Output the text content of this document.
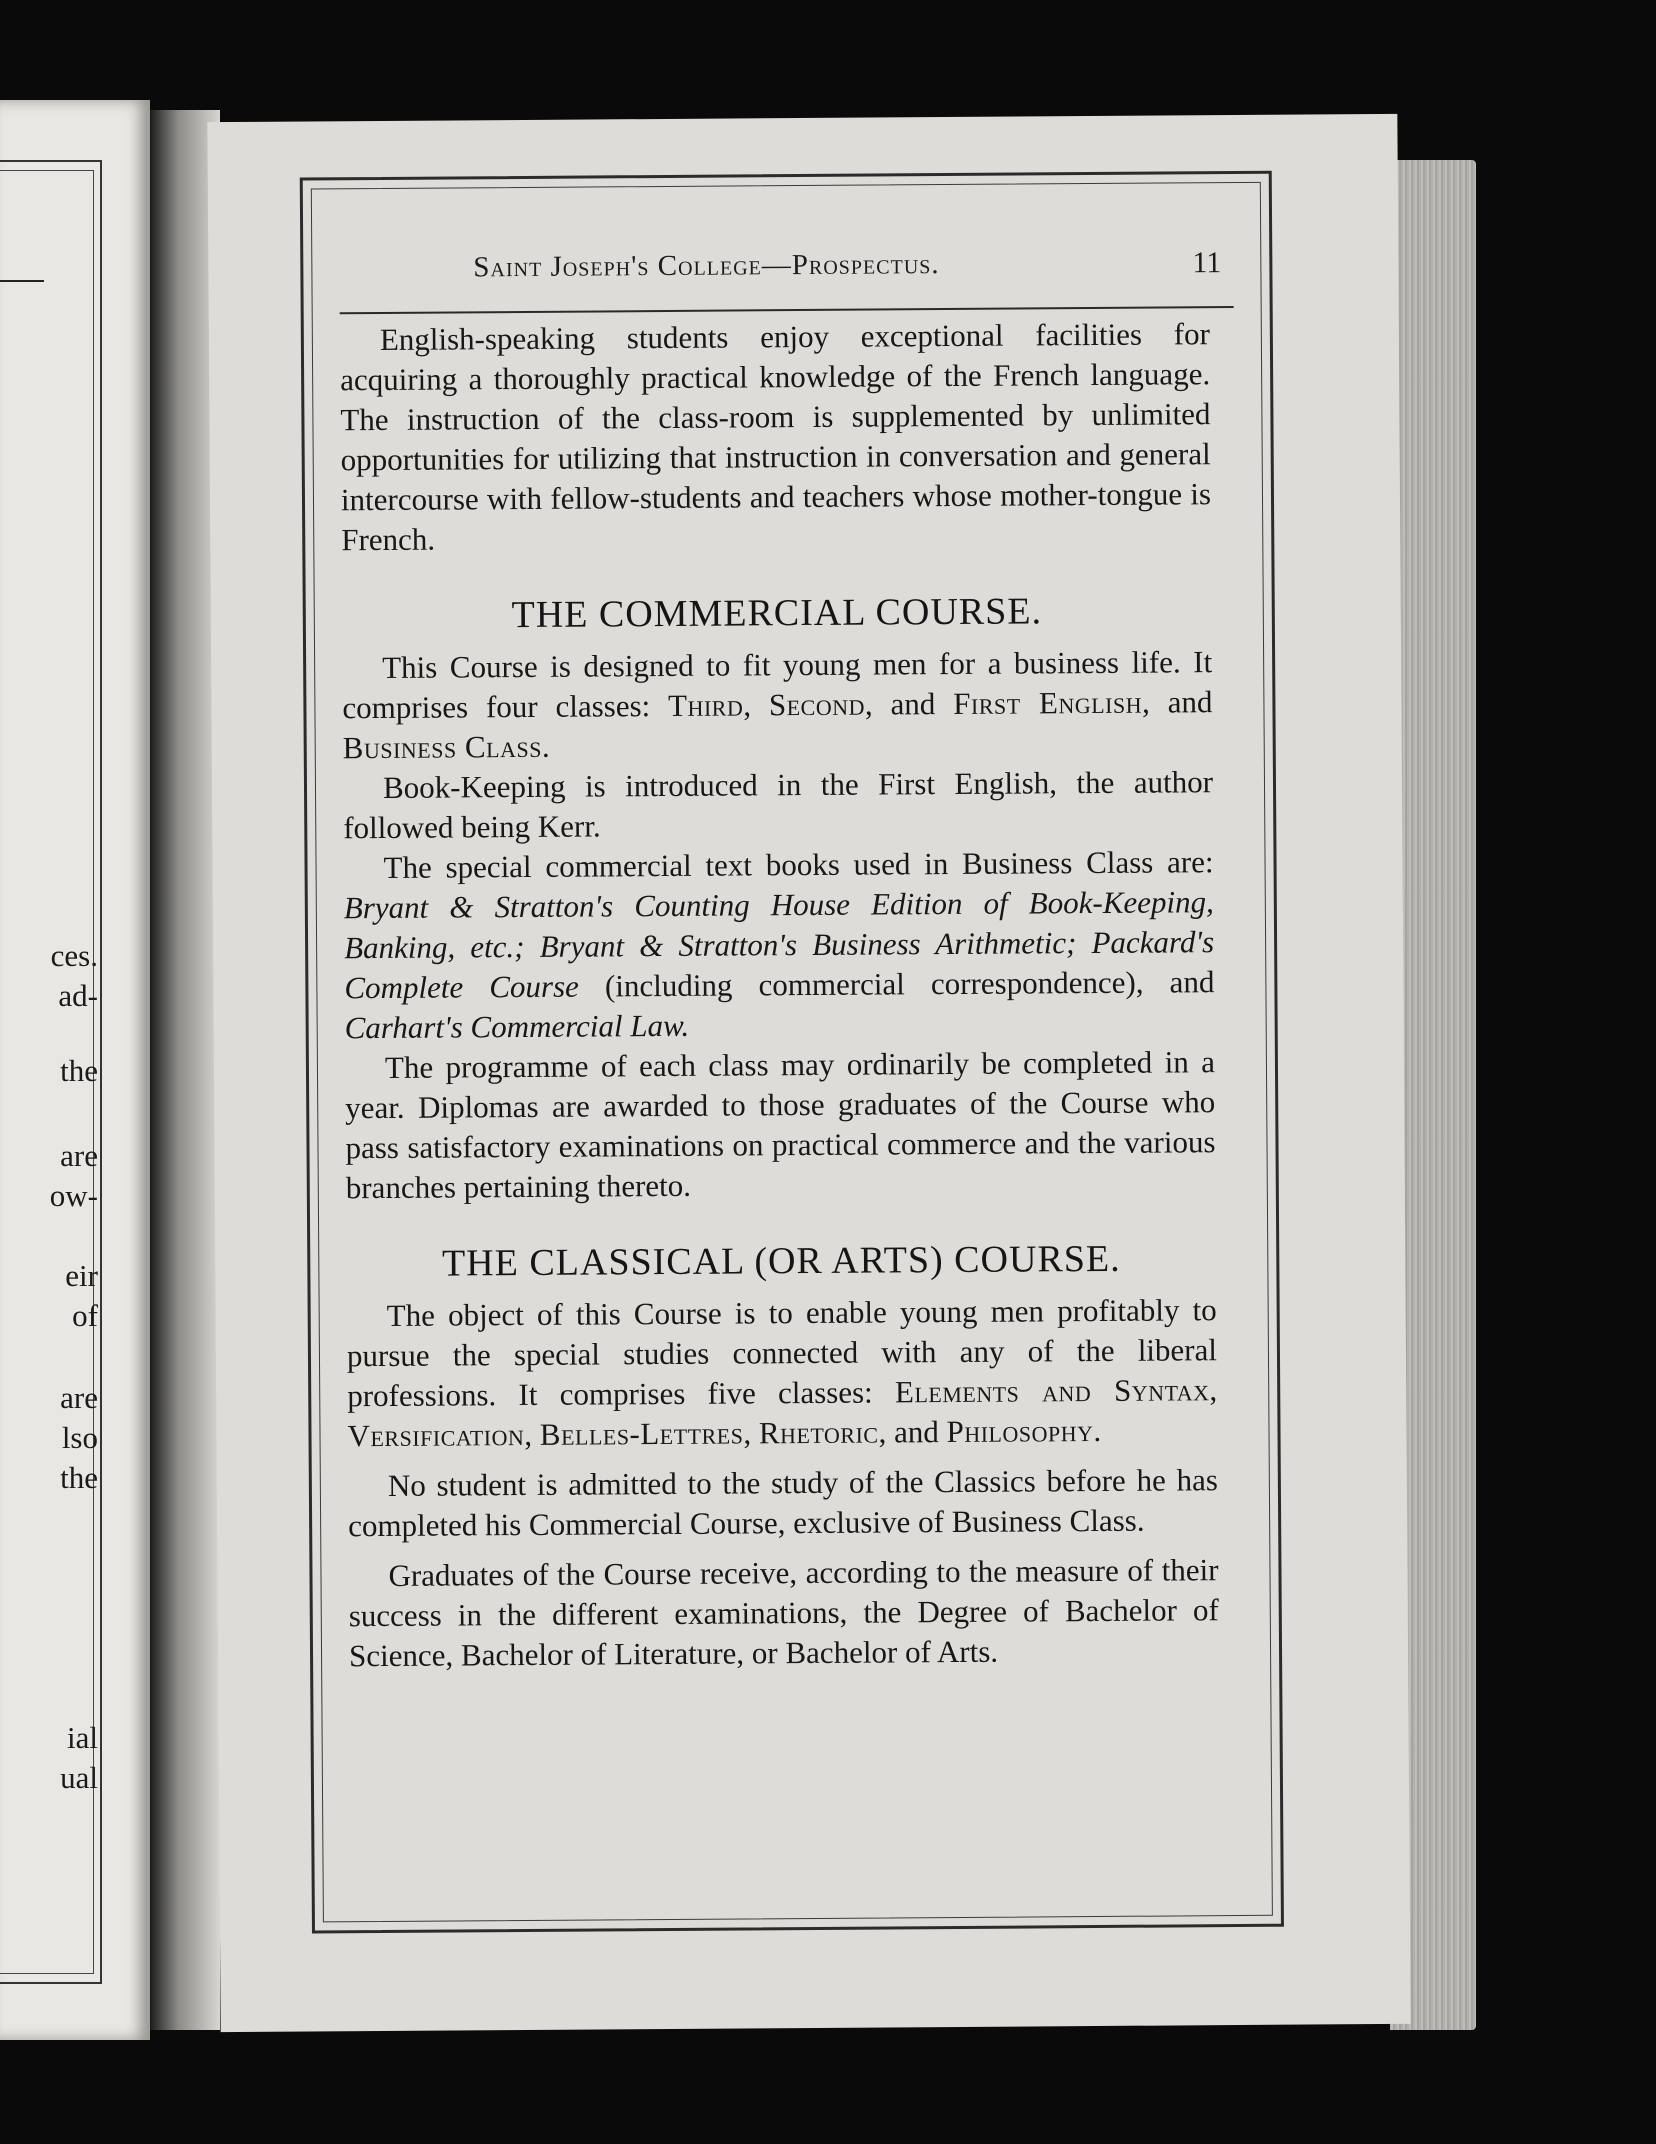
ces.
ad-
the
are
ow-
eir
of
are
lso
the
ial
ual
Saint Joseph's College—Prospectus.	11

English-speaking students enjoy exceptional facilities for acquiring a thoroughly practical knowledge of the French language. The instruction of the class-room is supplemented by unlimited opportunities for utilizing that instruction in conversation and general intercourse with fellow-students and teachers whose mother-tongue is French.

THE COMMERCIAL COURSE.

This Course is designed to fit young men for a business life. It comprises four classes: Third, Second, and First English, and Business Class.

Book-Keeping is introduced in the First English, the author followed being Kerr.

The special commercial text books used in Business Class are: Bryant & Stratton's Counting House Edition of Book-Keeping, Banking, etc.; Bryant & Stratton's Business Arithmetic; Packard's Complete Course (including commercial correspondence), and Carhart's Commercial Law.

The programme of each class may ordinarily be completed in a year. Diplomas are awarded to those graduates of the Course who pass satisfactory examinations on practical commerce and the various branches pertaining thereto.

THE CLASSICAL (OR ARTS) COURSE.

The object of this Course is to enable young men profitably to pursue the special studies connected with any of the liberal professions. It comprises five classes: Elements and Syntax, Versification, Belles-Lettres, Rhetoric, and Philosophy.

No student is admitted to the study of the Classics before he has completed his Commercial Course, exclusive of Business Class.

Graduates of the Course receive, according to the measure of their success in the different examinations, the Degree of Bachelor of Science, Bachelor of Literature, or Bachelor of Arts.
